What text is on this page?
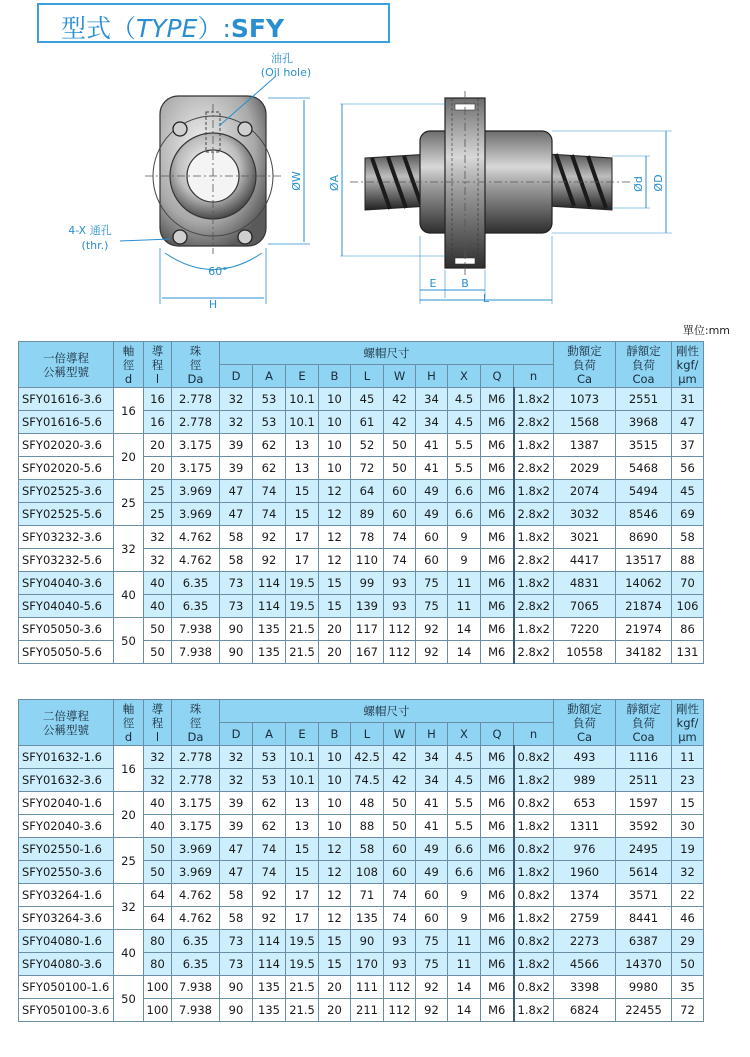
型式（TYPE）:SFY
油孔
(Oil hole)
4-X 通孔
(thr.)
60°
H
ØW ØA	Ød ØD
E B
L
單位:mm
一倍導程
公稱型號	軸
徑
d	導
程
l	珠
徑
Da	螺帽尺寸										動額定
負荷
Ca	靜額定
負荷
Coa	剛性
kgf/
μm
				D	A	E	B	L	W	H	X	Q	n			
SFY01616-3.6	16	16	2.778	32	53	10.1	10	45	42	34	4.5	M6	1.8x2	1073	2551	31
SFY01616-5.6		16	2.778	32	53	10.1	10	61	42	34	4.5	M6	2.8x2	1568	3968	47
SFY02020-3.6	20	20	3.175	39	62	13	10	52	50	41	5.5	M6	1.8x2	1387	3515	37
SFY02020-5.6		20	3.175	39	62	13	10	72	50	41	5.5	M6	2.8x2	2029	5468	56
SFY02525-3.6	25	25	3.969	47	74	15	12	64	60	49	6.6	M6	1.8x2	2074	5494	45
SFY02525-5.6		25	3.969	47	74	15	12	89	60	49	6.6	M6	2.8x2	3032	8546	69
SFY03232-3.6	32	32	4.762	58	92	17	12	78	74	60	9	M6	1.8x2	3021	8690	58
SFY03232-5.6		32	4.762	58	92	17	12	110	74	60	9	M6	2.8x2	4417	13517	88
SFY04040-3.6	40	40	6.35	73	114	19.5	15	99	93	75	11	M6	1.8x2	4831	14062	70
SFY04040-5.6		40	6.35	73	114	19.5	15	139	93	75	11	M6	2.8x2	7065	21874	106
SFY05050-3.6	50	50	7.938	90	135	21.5	20	117	112	92	14	M6	1.8x2	7220	21974	86
SFY05050-5.6		50	7.938	90	135	21.5	20	167	112	92	14	M6	2.8x2	10558	34182	131
二倍導程
公稱型號	軸
徑
d	導
程
l	珠
徑
Da	螺帽尺寸										動額定
負荷
Ca	靜額定
負荷
Coa	剛性
kgf/
μm
				D	A	E	B	L	W	H	X	Q	n			
SFY01632-1.6	16	32	2.778	32	53	10.1	10	42.5	42	34	4.5	M6	0.8x2	493	1116	11
SFY01632-3.6		32	2.778	32	53	10.1	10	74.5	42	34	4.5	M6	1.8x2	989	2511	23
SFY02040-1.6	20	40	3.175	39	62	13	10	48	50	41	5.5	M6	0.8x2	653	1597	15
SFY02040-3.6		40	3.175	39	62	13	10	88	50	41	5.5	M6	1.8x2	1311	3592	30
SFY02550-1.6	25	50	3.969	47	74	15	12	58	60	49	6.6	M6	0.8x2	976	2495	19
SFY02550-3.6		50	3.969	47	74	15	12	108	60	49	6.6	M6	1.8x2	1960	5614	32
SFY03264-1.6	32	64	4.762	58	92	17	12	71	74	60	9	M6	0.8x2	1374	3571	22
SFY03264-3.6		64	4.762	58	92	17	12	135	74	60	9	M6	1.8x2	2759	8441	46
SFY04080-1.6	40	80	6.35	73	114	19.5	15	90	93	75	11	M6	0.8x2	2273	6387	29
SFY04080-3.6		80	6.35	73	114	19.5	15	170	93	75	11	M6	1.8x2	4566	14370	50
SFY050100-1.6	50	100	7.938	90	135	21.5	20	111	112	92	14	M6	0.8x2	3398	9980	35
SFY050100-3.6		100	7.938	90	135	21.5	20	211	112	92	14	M6	1.8x2	6824	22455	72
